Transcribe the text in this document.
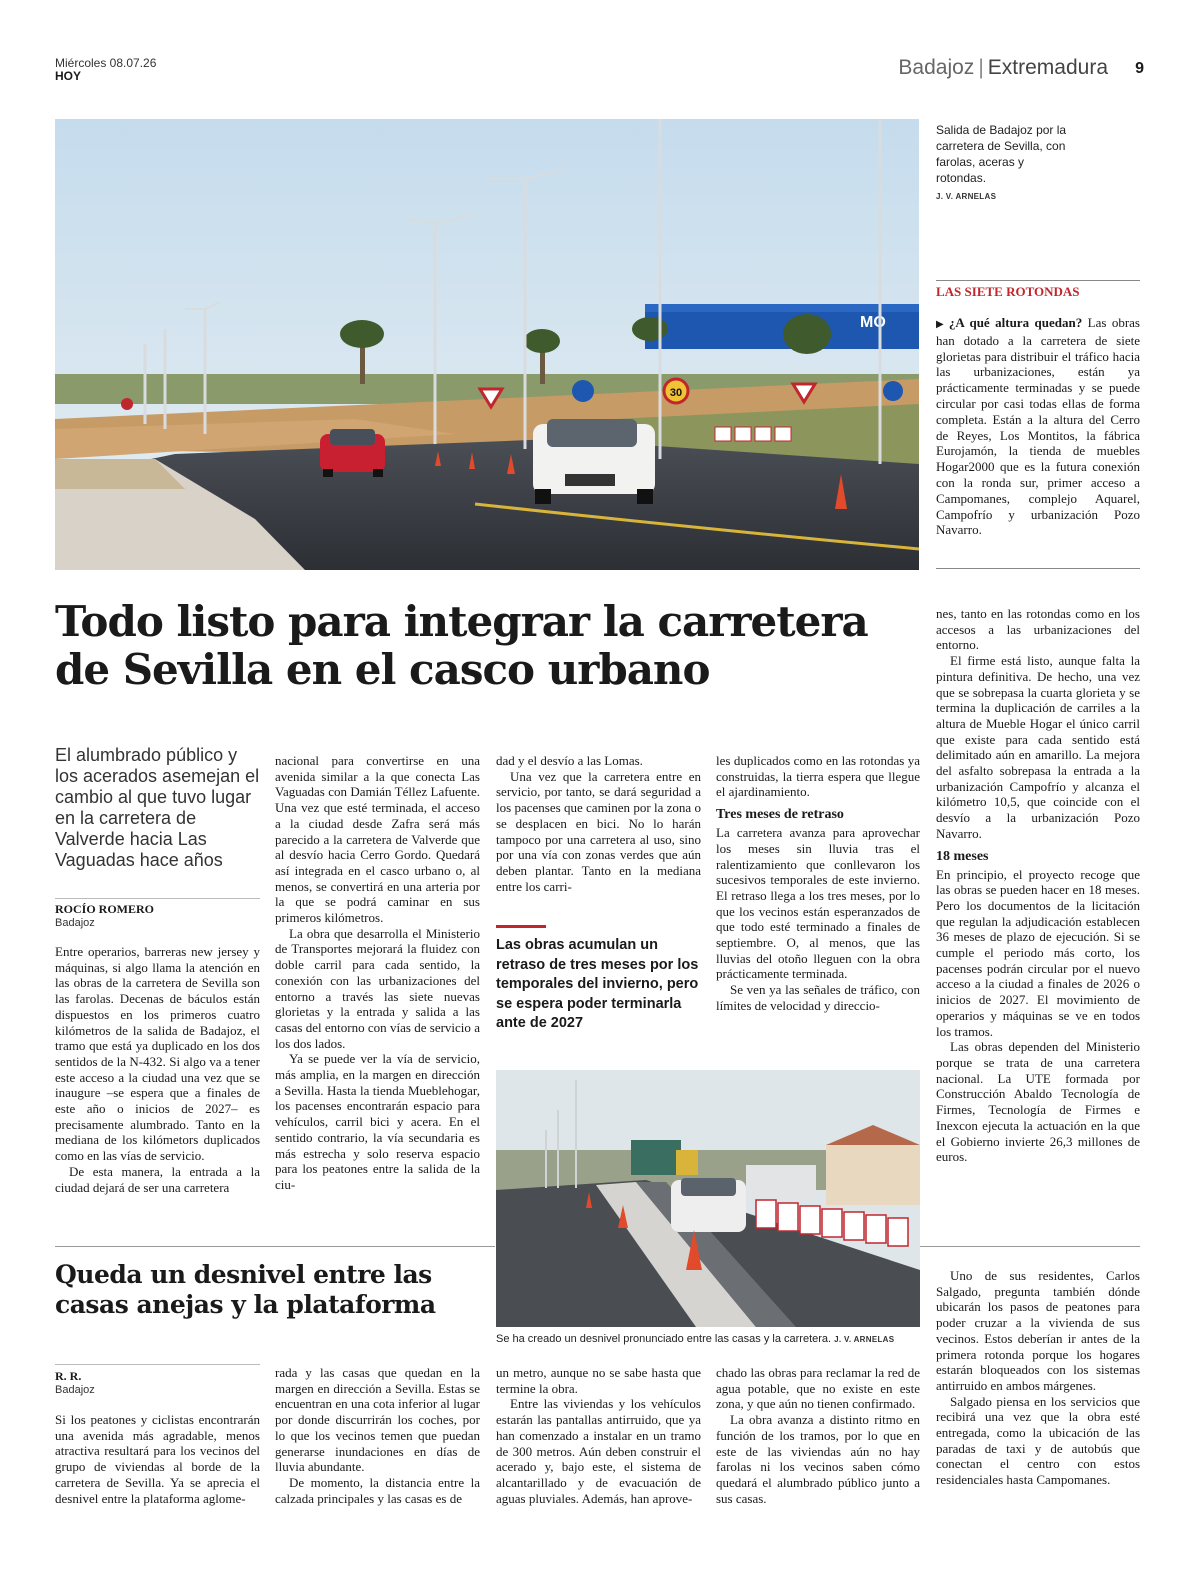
Miércoles 08.07.26
HOY	Badajoz | Extremadura 9
MO
30
Salida de Badajoz por la carretera de Sevilla, con farolas, aceras y rotondas.
J. V. ARNELAS
LAS SIETE ROTONDAS
▶ ¿A qué altura quedan? Las obras han dotado a la carretera de siete glorietas para distribuir el tráfico hacia las urbanizaciones, están ya prácticamente terminadas y se puede circular por casi todas ellas de forma completa. Están a la altura del Cerro de Reyes, Los Montitos, la fábrica Eurojamón, la tienda de muebles Hogar2000 que es la futura conexión con la ronda sur, primer acceso a Campomanes, complejo Aquarel, Campofrío y urbanización Pozo Navarro.
Todo listo para integrar la carretera de Sevilla en el casco urbano
El alumbrado público y los acerados asemejan el cambio al que tuvo lugar en la carretera de Valverde hacia Las Vaguadas hace años
ROCÍO ROMERO
Badajoz

Entre operarios, barreras new jersey y máquinas, si algo llama la atención en las obras de la carretera de Sevilla son las farolas. Decenas de báculos están dispuestos en los primeros cuatro kilómetros de la salida de Badajoz, el tramo que está ya duplicado en los dos sentidos de la N-432. Si algo va a tener este acceso a la ciudad una vez que se inaugure –se espera que a finales de este año o inicios de 2027– es precisamente alumbrado. Tanto en la mediana de los kilómetors duplicados como en las vías de servicio.

De esta manera, la entrada a la ciudad dejará de ser una carretera

nacional para convertirse en una avenida similar a la que conecta Las Vaguadas con Damián Téllez Lafuente. Una vez que esté terminada, el acceso a la ciudad desde Zafra será más parecido a la carretera de Valverde que al desvío hacia Cerro Gordo. Quedará así integrada en el casco urbano o, al menos, se convertirá en una arteria por la que se podrá caminar en sus primeros kilómetros.

La obra que desarrolla el Ministerio de Transportes mejorará la fluidez con doble carril para cada sentido, la conexión con las urbanizaciones del entorno a través las siete nuevas glorietas y la entrada y salida a las casas del entorno con vías de servicio a los dos lados.

Ya se puede ver la vía de servicio, más amplia, en la margen en dirección a Sevilla. Hasta la tienda Mueblehogar, los pacenses encontrarán espacio para vehículos, carril bici y acera. En el sentido contrario, la vía secundaria es más estrecha y solo reserva espacio para los peatones entre la salida de la ciu-

dad y el desvío a las Lomas.

Una vez que la carretera entre en servicio, por tanto, se dará seguridad a los pacenses que caminen por la zona o se desplacen en bici. No lo harán tampoco por una carretera al uso, sino por una vía con zonas verdes que aún deben plantar. Tanto en la mediana entre los carri-

Las obras acumulan un retraso de tres meses por los temporales del invierno, pero se espera poder terminarla ante de 2027

les duplicados como en las rotondas ya construidas, la tierra espera que llegue el ajardinamiento.

Tres meses de retraso

La carretera avanza para aprovechar los meses sin lluvia tras el ralentizamiento que conllevaron los sucesivos temporales de este invierno. El retraso llega a los tres meses, por lo que los vecinos están esperanzados de que todo esté terminado a finales de septiembre. O, al menos, que las lluvias del otoño lleguen con la obra prácticamente terminada.

Se ven ya las señales de tráfico, con límites de velocidad y direccio-

nes, tanto en las rotondas como en los accesos a las urbanizaciones del entorno.

El firme está listo, aunque falta la pintura definitiva. De hecho, una vez que se sobrepasa la cuarta glorieta y se termina la duplicación de carriles a la altura de Mueble Hogar el único carril que existe para cada sentido está delimitado aún en amarillo. La mejora del asfalto sobrepasa la entrada a la urbanización Campofrío y alcanza el kilómetro 10,5, que coincide con el desvío a la urbanización Pozo Navarro.

18 meses

En principio, el proyecto recoge que las obras se pueden hacer en 18 meses. Pero los documentos de la licitación que regulan la adjudicación establecen 36 meses de plazo de ejecución. Si se cumple el periodo más corto, los pacenses podrán circular por el nuevo acceso a la ciudad a finales de 2026 o inicios de 2027. El movimiento de operarios y máquinas se ve en todos los tramos.

Las obras dependen del Ministerio porque se trata de una carretera nacional. La UTE formada por Construcción Abaldo Tecnología de Firmes, Tecnología de Firmes e Inexcon ejecuta la actuación en la que el Gobierno invierte 26,3 millones de euros.

Se ha creado un desnivel pronunciado entre las casas y la carretera. J. V. ARNELAS
Queda un desnivel entre las casas anejas y la plataforma
R. R.
Badajoz

Si los peatones y ciclistas encontrarán una avenida más agradable, menos atractiva resultará para los vecinos del grupo de viviendas al borde de la carretera de Sevilla. Ya se aprecia el desnivel entre la plataforma aglome-

rada y las casas que quedan en la margen en dirección a Sevilla. Estas se encuentran en una cota inferior al lugar por donde discurrirán los coches, por lo que los vecinos temen que puedan generarse inundaciones en días de lluvia abundante.

De momento, la distancia entre la calzada principales y las casas es de

un metro, aunque no se sabe hasta que termine la obra.

Entre las viviendas y los vehículos estarán las pantallas antirruido, que ya han comenzado a instalar en un tramo de 300 metros. Aún deben construir el acerado y, bajo este, el sistema de alcantarillado y de evacuación de aguas pluviales. Además, han aprove-

chado las obras para reclamar la red de agua potable, que no existe en este zona, y que aún no tienen confirmado.

La obra avanza a distinto ritmo en función de los tramos, por lo que en este de las viviendas aún no hay farolas ni los vecinos saben cómo quedará el alumbrado público junto a sus casas.

Uno de sus residentes, Carlos Salgado, pregunta también dónde ubicarán los pasos de peatones para poder cruzar a la vivienda de sus vecinos. Estos deberían ir antes de la primera rotonda porque los hogares estarán bloqueados con los sistemas antirruido en ambos márgenes.

Salgado piensa en los servicios que recibirá una vez que la obra esté entregada, como la ubicación de las paradas de taxi y de autobús que conectan el centro con estos residenciales hasta Campomanes.
